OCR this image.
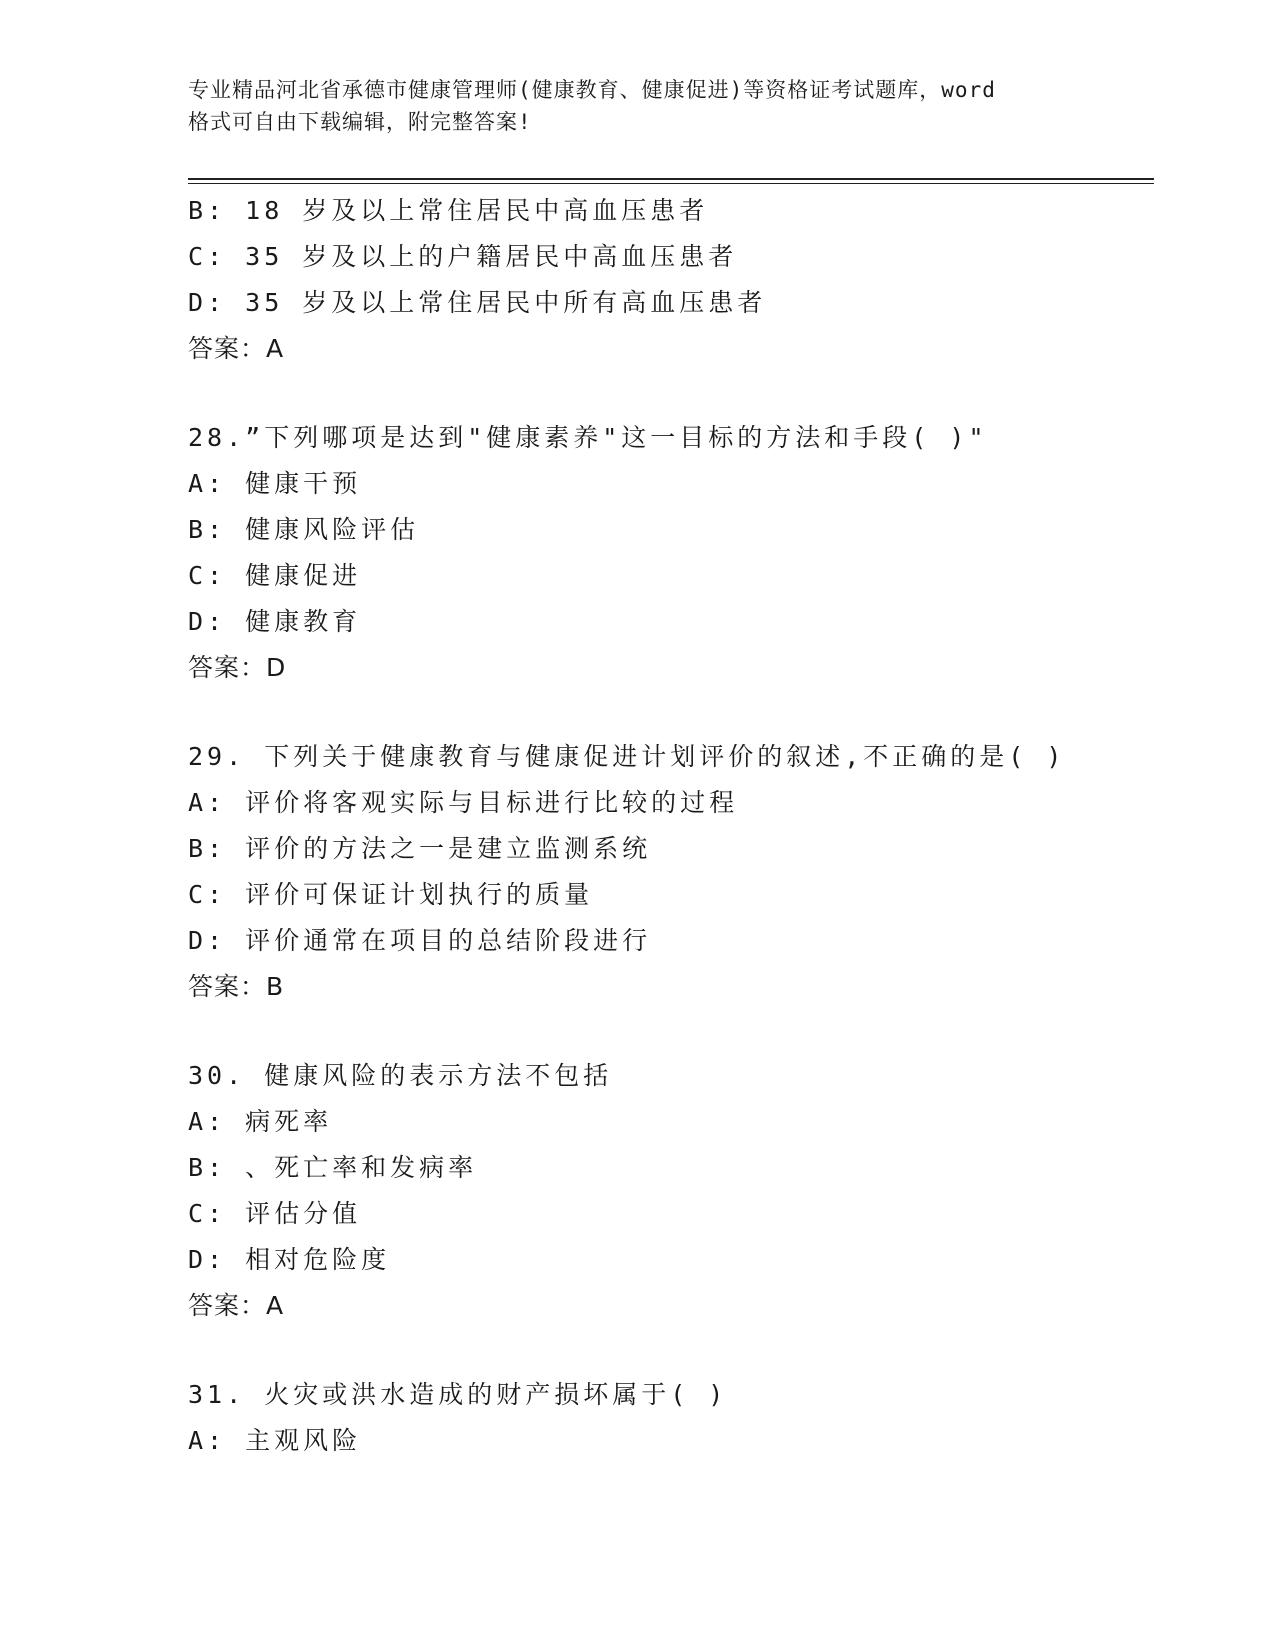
专业精品河北省承德市健康管理师(健康教育、健康促进)等资格证考试题库，word
格式可自由下载编辑，附完整答案!
B: 18 岁及以上常住居民中高血压患者
C: 35 岁及以上的户籍居民中高血压患者
D: 35 岁及以上常住居民中所有高血压患者
答案：A
28.”下列哪项是达到"健康素养"这一目标的方法和手段( )"
A: 健康干预
B: 健康风险评估
C: 健康促进
D: 健康教育
答案：D
29. 下列关于健康教育与健康促进计划评价的叙述,不正确的是( )
A: 评价将客观实际与目标进行比较的过程
B: 评价的方法之一是建立监测系统
C: 评价可保证计划执行的质量
D: 评价通常在项目的总结阶段进行
答案：B
30. 健康风险的表示方法不包括
A: 病死率
B: 、死亡率和发病率
C: 评估分值
D: 相对危险度
答案：A
31. 火灾或洪水造成的财产损坏属于( )
A: 主观风险
